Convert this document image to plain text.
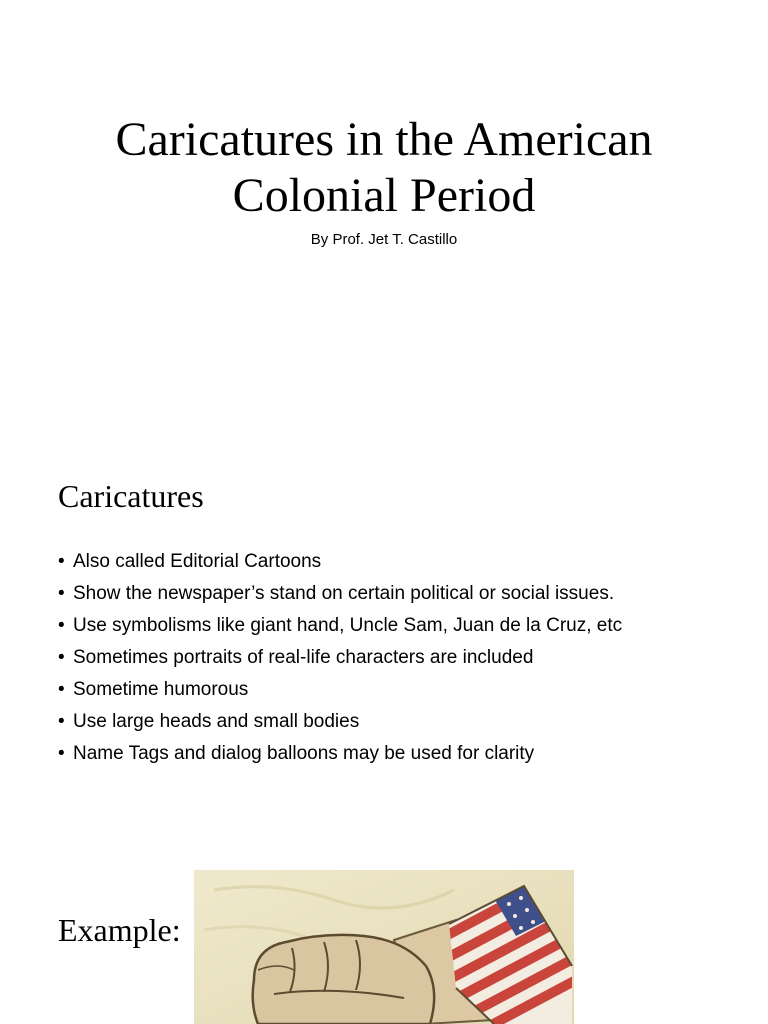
Caricatures in the American
Colonial Period

By Prof. Jet T. Castillo

Caricatures
• Also called Editorial Cartoons
• Show the newspaper’s stand on certain political or social issues.
• Use symbolisms like giant hand, Uncle Sam, Juan de la Cruz, etc
• Sometimes portraits of real-life characters are included
• Sometime humorous
• Use large heads and small bodies
• Name Tags and dialog balloons may be used for clarity
Example:
